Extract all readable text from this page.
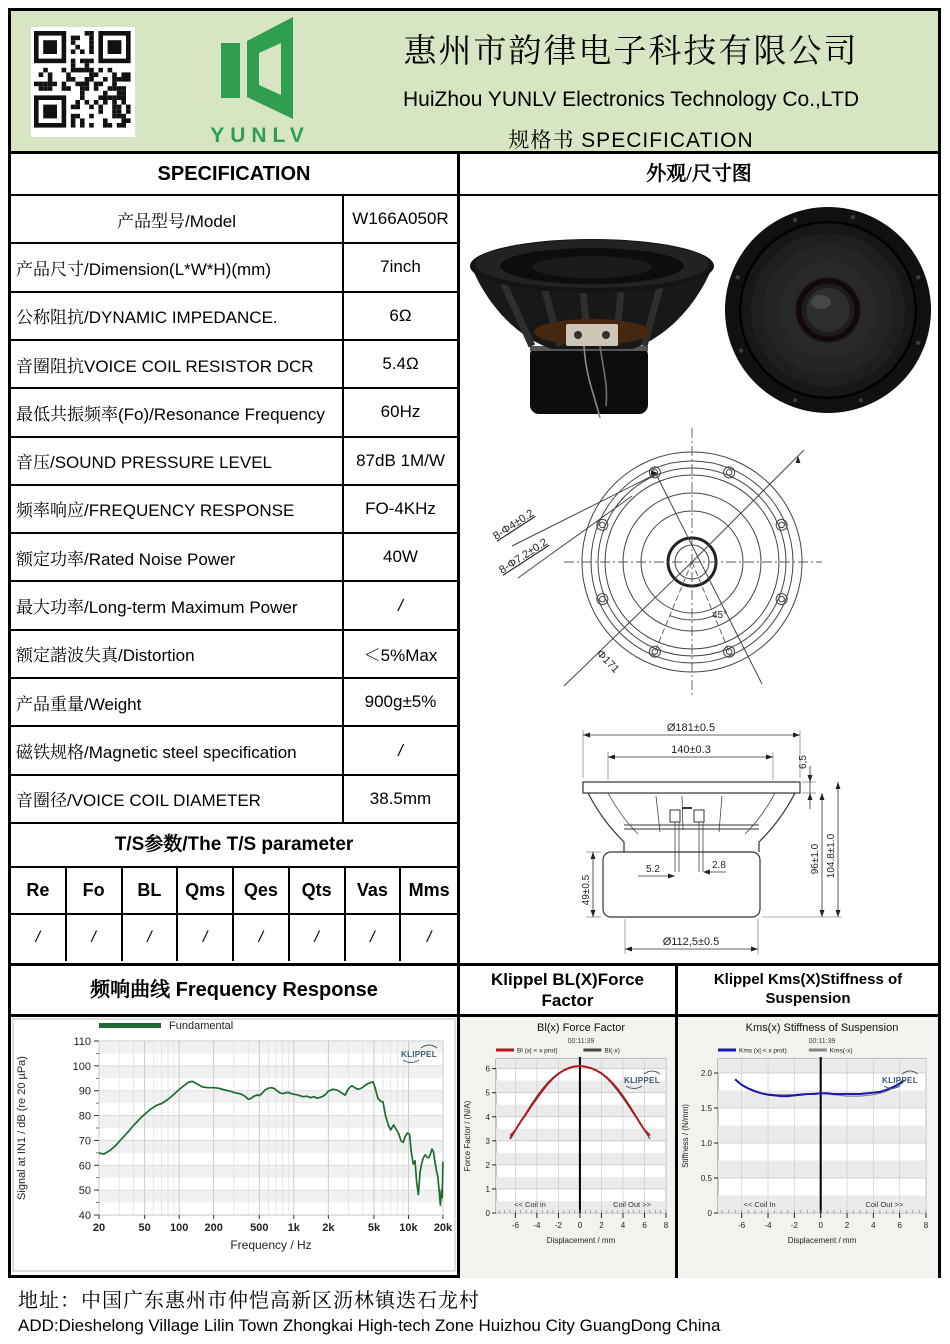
YUNLV
惠州市韵律电子科技有限公司
HuiZhou YUNLV Electronics Technology Co.,LTD
规格书 SPECIFICATION
SPECIFICATION
产品型号/Model	W166A050R
产品尺寸/Dimension(L*W*H)(mm)	7inch
公称阻抗/DYNAMIC IMPEDANCE.	6Ω
音圈阻抗VOICE COIL RESISTOR DCR	5.4Ω
最低共振频率(Fo)/Resonance Frequency	60Hz
音压/SOUND PRESSURE LEVEL	87dB 1M/W
频率响应/FREQUENCY RESPONSE	FO-4KHz
额定功率/Rated Noise Power	40W
最大功率/Long-term Maximum Power	/
额定諧波失真/Distortion	＜5%Max
产品重量/Weight	900g±5%
磁铁规格/Magnetic steel specification	/
音圈径/VOICE COIL DIAMETER	38.5mm
T/S参数/The T/S parameter
Re	Fo	BL	Qms	Qes	Qts	Vas	Mms
/	/	/	/	/	/	/	/
外观/尺寸图
8-Φ4±0.2
8-Φ7.2±0.2
Φ171
45°
Ø181±0.5
140±0.3
6,5
96±1.0 104.8±1.0
49±0.5
5.2	2.8
Ø112,5±0.5
频响曲线 Frequency Response
40
50
60
70
80
90
100
110
20	50 100 200 500 1k 2k	5k 10k 20k
Frequency / Hz
Signal at IN1 / dB (re 20 µPa)
Fundamental
KLIPPEL
Klippel BL(X)Force
Factor
Bl(x) Force Factor
00:11:39
Bl (x| < x prot)	Bl(-x)
-6 -4 -2 0 2 4 6 8
0
1
2
3
4
5
6
<< Coil in	Coil Out >>
Displacement / mm
Force Factor / (N/A)
KLIPPEL
Klippel Kms(X)Stiffness of
Suspension
Kms(x) Stiffness of Suspension
00:11:39
Kms (x| < x prot)	Kms(-x)
-6 -4 -2	0	2	4	6	8
0
0.5
1.0
1.5
2.0
<< Coil In	Coil Out >>
Displacement / mm
Stiffness / (N/mm)
KLIPPEL
地址：中国广东惠州市仲恺高新区沥林镇迭石龙村
ADD:Dieshelong Village Lilin Town Zhongkai High-tech Zone Huizhou City GuangDong China
